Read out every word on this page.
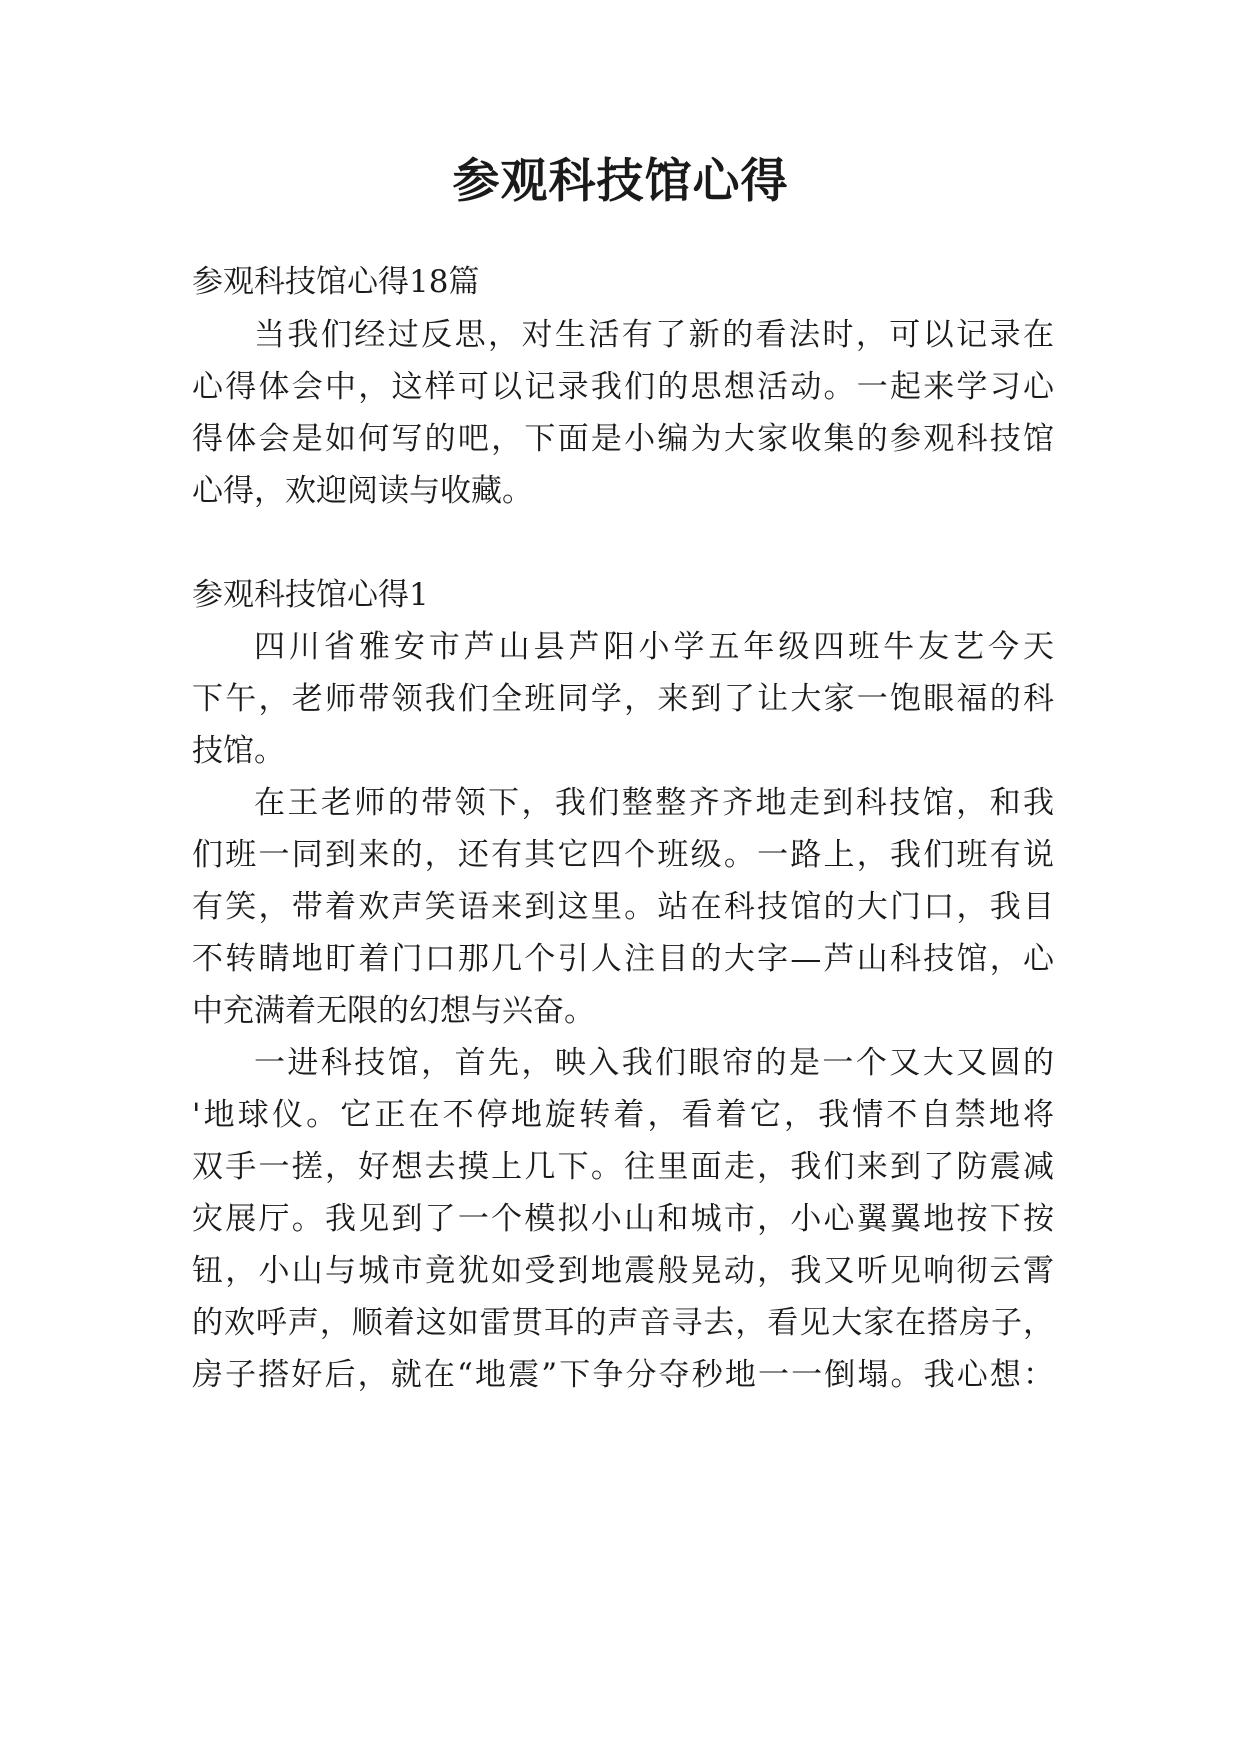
参观科技馆心得
参观科技馆心得18篇
当我们经过反思，对生活有了新的看法时，可以记录在
心得体会中，这样可以记录我们的思想活动。一起来学习心
得体会是如何写的吧，下面是小编为大家收集的参观科技馆
心得，欢迎阅读与收藏。
参观科技馆心得1
四川省雅安市芦山县芦阳小学五年级四班牛友艺今天
下午，老师带领我们全班同学，来到了让大家一饱眼福的科
技馆。
在王老师的带领下，我们整整齐齐地走到科技馆，和我
们班一同到来的，还有其它四个班级。一路上，我们班有说
有笑，带着欢声笑语来到这里。站在科技馆的大门口，我目
不转睛地盯着门口那几个引人注目的大字—芦山科技馆，心
中充满着无限的幻想与兴奋。
一进科技馆，首先，映入我们眼帘的是一个又大又圆的
'地球仪。它正在不停地旋转着，看着它，我情不自禁地将
双手一搓，好想去摸上几下。往里面走，我们来到了防震减
灾展厅。我见到了一个模拟小山和城市，小心翼翼地按下按
钮，小山与城市竟犹如受到地震般晃动，我又听见响彻云霄
的欢呼声，顺着这如雷贯耳的声音寻去，看见大家在搭房子，
房子搭好后，就在“地震”下争分夺秒地一一倒塌。我心想：
